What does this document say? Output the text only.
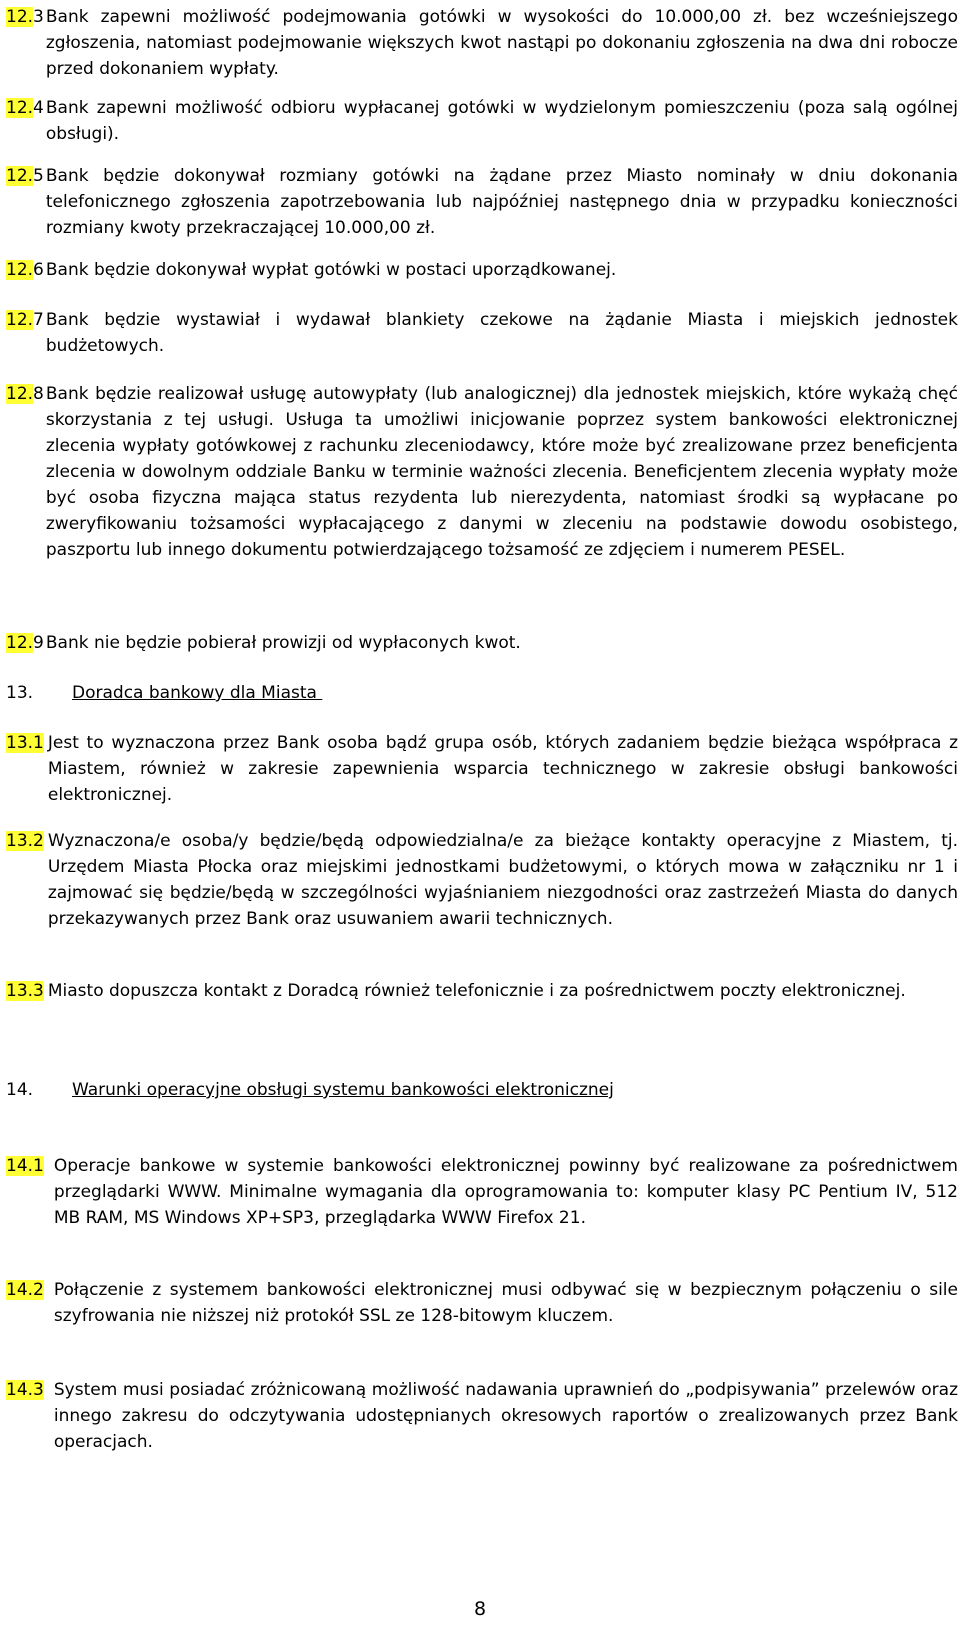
12.3 Bank zapewni możliwość podejmowania gotówki w wysokości do 10.000,00 zł. bez wcześniejszego zgłoszenia, natomiast podejmowanie większych kwot nastąpi po dokonaniu zgłoszenia na dwa dni robocze przed dokonaniem wypłaty.
12.4 Bank zapewni możliwość odbioru wypłacanej gotówki w wydzielonym pomieszczeniu (poza salą ogólnej obsługi).
12.5 Bank będzie dokonywał rozmiany gotówki na żądane przez Miasto nominały w dniu dokonania telefonicznego zgłoszenia zapotrzebowania lub najpóźniej następnego dnia w przypadku konieczności rozmiany kwoty przekraczającej 10.000,00 zł.
12.6 Bank będzie dokonywał wypłat gotówki w postaci uporządkowanej.
12.7 Bank będzie wystawiał i wydawał blankiety czekowe na żądanie Miasta i miejskich jednostek budżetowych.
12.8 Bank będzie realizował usługę autowypłaty (lub analogicznej) dla jednostek miejskich, które wykażą chęć skorzystania z tej usługi. Usługa ta umożliwi inicjowanie poprzez system bankowości elektronicznej zlecenia wypłaty gotówkowej z rachunku zleceniodawcy, które może być zrealizowane przez beneficjenta zlecenia w dowolnym oddziale Banku w terminie ważności zlecenia. Beneficjentem zlecenia wypłaty może być osoba fizyczna mająca status rezydenta lub nierezydenta, natomiast środki są wypłacane po zweryfikowaniu tożsamości wypłacającego z danymi w zleceniu na podstawie dowodu osobistego, paszportu lub innego dokumentu potwierdzającego tożsamość ze zdjęciem i numerem PESEL.
12.9 Bank nie będzie pobierał prowizji od wypłaconych kwot.
13.	Doradca bankowy dla Miasta
13.1 Jest to wyznaczona przez Bank osoba bądź grupa osób, których zadaniem będzie bieżąca współpraca z Miastem, również w zakresie zapewnienia wsparcia technicznego w zakresie obsługi bankowości elektronicznej.
13.2 Wyznaczona/e osoba/y będzie/będą odpowiedzialna/e za bieżące kontakty operacyjne z Miastem, tj. Urzędem Miasta Płocka oraz miejskimi jednostkami budżetowymi, o których mowa w załączniku nr 1 i zajmować się będzie/będą w szczególności wyjaśnianiem niezgodności oraz zastrzeżeń Miasta do danych przekazywanych przez Bank oraz usuwaniem awarii technicznych.
13.3 Miasto dopuszcza kontakt z Doradcą również telefonicznie i za pośrednictwem poczty elektronicznej.
14.	Warunki operacyjne obsługi systemu bankowości elektronicznej
14.1 Operacje bankowe w systemie bankowości elektronicznej powinny być realizowane za pośrednictwem przeglądarki WWW. Minimalne wymagania dla oprogramowania to: komputer klasy PC Pentium IV, 512 MB RAM, MS Windows XP+SP3, przeglądarka WWW Firefox 21.
14.2 Połączenie z systemem bankowości elektronicznej musi odbywać się w bezpiecznym połączeniu o sile szyfrowania nie niższej niż protokół SSL ze 128-bitowym kluczem.
14.3 System musi posiadać zróżnicowaną możliwość nadawania uprawnień do „podpisywania” przelewów oraz innego zakresu do odczytywania udostępnianych okresowych raportów o zrealizowanych przez Bank operacjach.
8
